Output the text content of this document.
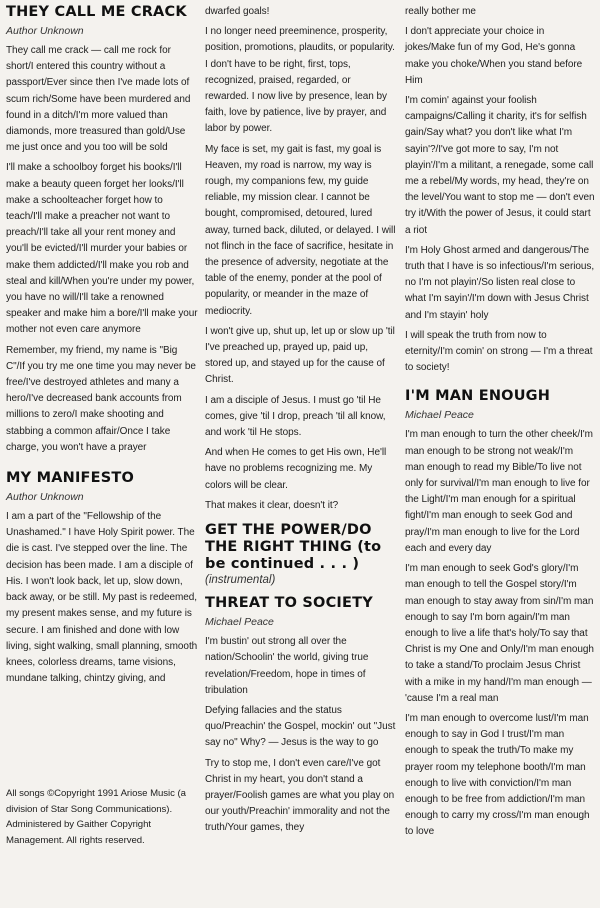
THEY CALL ME CRACK
Author Unknown

They call me crack — call me rock for short/I entered this country without a passport/Ever since then I've made lots of scum rich/Some have been murdered and found in a ditch/I'm more valued than diamonds, more treasured than gold/Use me just once and you too will be sold

I'll make a schoolboy forget his books/I'll make a beauty queen forget her looks/I'll make a schoolteacher forget how to teach/I'll make a preacher not want to preach/I'll take all your rent money and you'll be evicted/I'll murder your babies or make them addicted/I'll make you rob and steal and kill/When you're under my power, you have no will/I'll take a renowned speaker and make him a bore/I'll make your mother not even care anymore

Remember, my friend, my name is "Big C"/If you try me one time you may never be free/I've destroyed athletes and many a hero/I've decreased bank accounts from millions to zero/I make shooting and stabbing a common affair/Once I take charge, you won't have a prayer

MY MANIFESTO
Author Unknown

I am a part of the "Fellowship of the Unashamed." I have Holy Spirit power. The die is cast. I've stepped over the line. The decision has been made. I am a disciple of His. I won't look back, let up, slow down, back away, or be still. My past is redeemed, my present makes sense, and my future is secure. I am finished and done with low living, sight walking, small planning, smooth knees, colorless dreams, tame visions, mundane talking, chintzy giving, and

All songs ©Copyright 1991 Ariose Music (a division of Star Song Communications). Administered by Gaither Copyright Management. All rights reserved.

dwarfed goals!

I no longer need preeminence, prosperity, position, promotions, plaudits, or popularity. I don't have to be right, first, tops, recognized, praised, regarded, or rewarded. I now live by presence, lean by faith, love by patience, live by prayer, and labor by power.

My face is set, my gait is fast, my goal is Heaven, my road is narrow, my way is rough, my companions few, my guide reliable, my mission clear. I cannot be bought, compromised, detoured, lured away, turned back, diluted, or delayed. I will not flinch in the face of sacrifice, hesitate in the presence of adversity, negotiate at the table of the enemy, ponder at the pool of popularity, or meander in the maze of mediocrity.

I won't give up, shut up, let up or slow up 'til I've preached up, prayed up, paid up, stored up, and stayed up for the cause of Christ.

I am a disciple of Jesus. I must go 'til He comes, give 'til I drop, preach 'til all know, and work 'til He stops.

And when He comes to get His own, He'll have no problems recognizing me. My colors will be clear.

That makes it clear, doesn't it?

GET THE POWER/DO THE RIGHT THING (to be continued . . . )
(instrumental)
THREAT TO SOCIETY
Michael Peace

I'm bustin' out strong all over the nation/Schoolin' the world, giving true revelation/Freedom, hope in times of tribulation

Defying fallacies and the status quo/Preachin' the Gospel, mockin' out "Just say no" Why? — Jesus is the way to go

Try to stop me, I don't even care/I've got Christ in my heart, you don't stand a prayer/Foolish games are what you play on our youth/Preachin' immorality and not the truth/Your games, they

really bother me

I don't appreciate your choice in jokes/Make fun of my God, He's gonna make you choke/When you stand before Him

I'm comin' against your foolish campaigns/Calling it charity, it's for selfish gain/Say what? you don't like what I'm sayin'?/I've got more to say, I'm not playin'/I'm a militant, a renegade, some call me a rebel/My words, my head, they're on the level/You want to stop me — don't even try it/With the power of Jesus, it could start a riot

I'm Holy Ghost armed and dangerous/The truth that I have is so infectious/I'm serious, no I'm not playin'/So listen real close to what I'm sayin'/I'm down with Jesus Christ and I'm stayin' holy

I will speak the truth from now to eternity/I'm comin' on strong — I'm a threat to society!

I'M MAN ENOUGH
Michael Peace

I'm man enough to turn the other cheek/I'm man enough to be strong not weak/I'm man enough to read my Bible/To live not only for survival/I'm man enough to live for the Light/I'm man enough for a spiritual fight/I'm man enough to seek God and pray/I'm man enough to live for the Lord each and every day

I'm man enough to seek God's glory/I'm man enough to tell the Gospel story/I'm man enough to stay away from sin/I'm man enough to say I'm born again/I'm man enough to live a life that's holy/To say that Christ is my One and Only/I'm man enough to take a stand/To proclaim Jesus Christ with a mike in my hand/I'm man enough — 'cause I'm a real man

I'm man enough to overcome lust/I'm man enough to say in God I trust/I'm man enough to speak the truth/To make my prayer room my telephone booth/I'm man enough to live with conviction/I'm man enough to be free from addiction/I'm man enough to carry my cross/I'm man enough to love
